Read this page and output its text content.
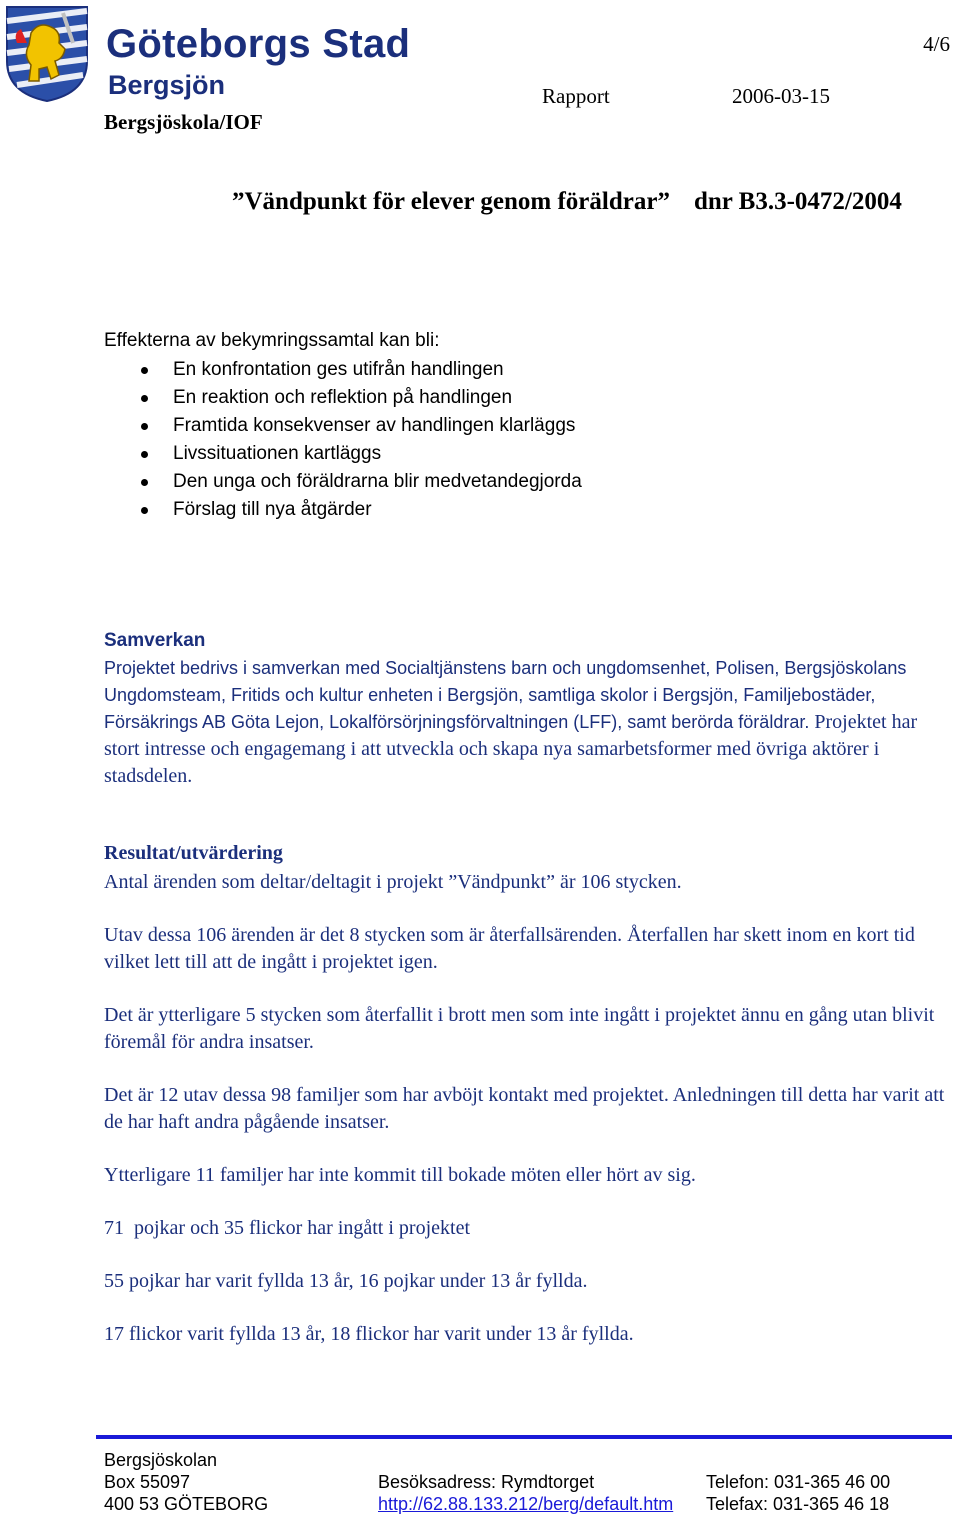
Göteborgs Stad
Bergsjön
4/6
Rapport	2006-03-15
Bergsjöskola/IOF
”Vändpunkt för elever genom föräldrar” dnr B3.3-0472/2004
Effekterna av bekymringssamtal kan bli:
En konfrontation ges utifrån handlingen
En reaktion och reflektion på handlingen
Framtida konsekvenser av handlingen klarläggs
Livssituationen kartläggs
Den unga och föräldrarna blir medvetandegjorda
Förslag till nya åtgärder
Samverkan
Projektet bedrivs i samverkan med Socialtjänstens barn och ungdomsenhet, Polisen, Bergsjöskolans Ungdomsteam, Fritids och kultur enheten i Bergsjön, samtliga skolor i Bergsjön, Familjebostäder, Försäkrings AB Göta Lejon, Lokalförsörjningsförvaltningen (LFF), samt berörda föräldrar. Projektet har stort intresse och engagemang i att utveckla och skapa nya samarbetsformer med övriga aktörer i stadsdelen.
Resultat/utvärdering
Antal ärenden som deltar/deltagit i projekt ”Vändpunkt” är 106 stycken.
Utav dessa 106 ärenden är det 8 stycken som är återfallsärenden. Återfallen har skett inom en kort tid vilket lett till att de ingått i projektet igen.
Det är ytterligare 5 stycken som återfallit i brott men som inte ingått i projektet ännu en gång utan blivit föremål för andra insatser.
Det är 12 utav dessa 98 familjer som har avböjt kontakt med projektet. Anledningen till detta har varit att de har haft andra pågående insatser.
Ytterligare 11 familjer har inte kommit till bokade möten eller hört av sig.
71  pojkar och 35 flickor har ingått i projektet
55 pojkar har varit fyllda 13 år, 16 pojkar under 13 år fyllda.
17 flickor varit fyllda 13 år, 18 flickor har varit under 13 år fyllda.
Bergsjöskolan
Box 55097
400 53 GÖTEBORG
Besöksadress: Rymdtorget
http://62.88.133.212/berg/default.htm
Telefon: 031-365 46 00
Telefax: 031-365 46 18
